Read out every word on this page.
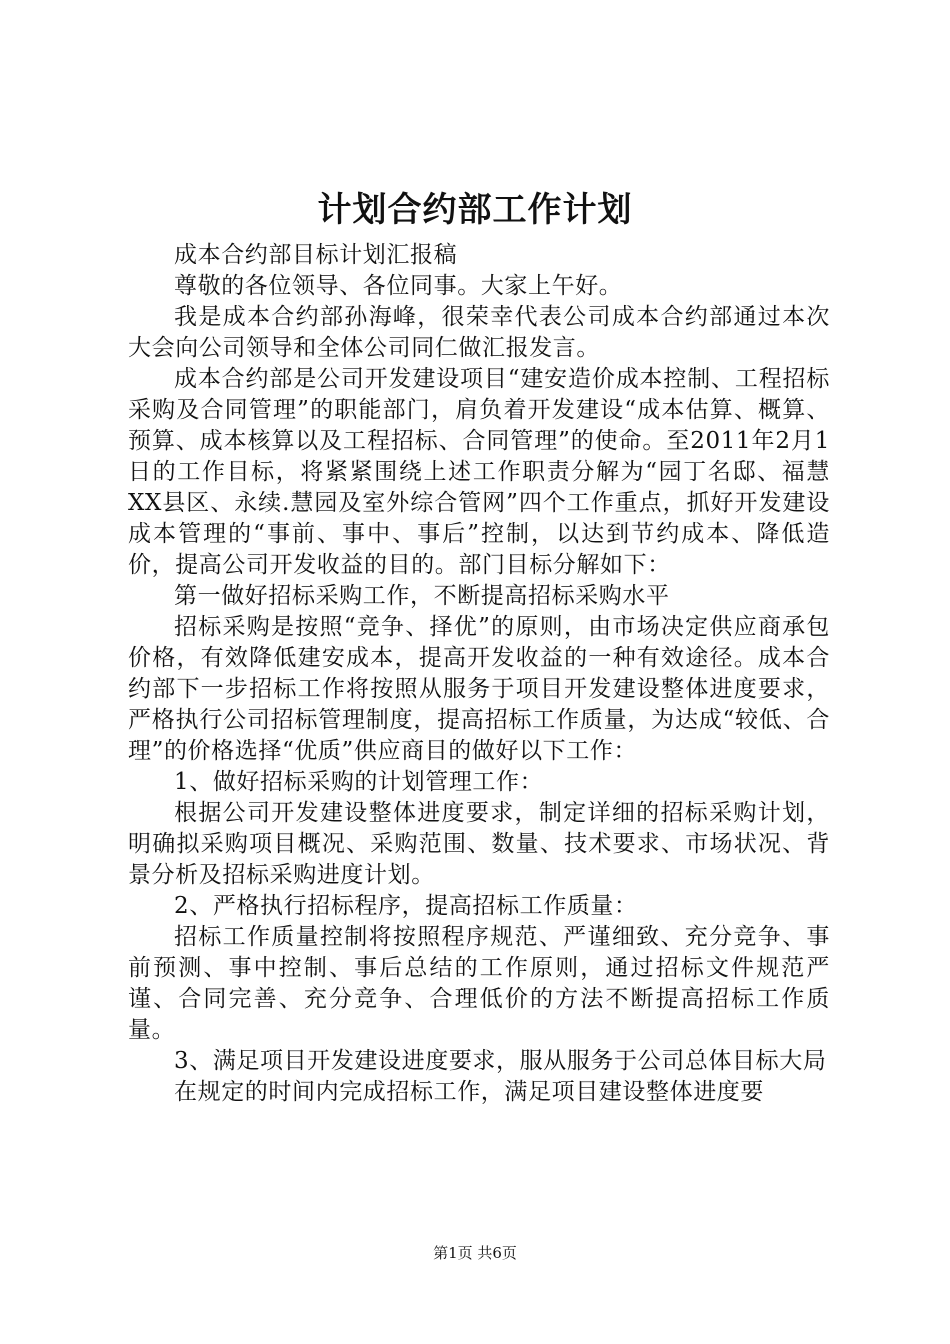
计划合约部工作计划

成本合约部目标计划汇报稿

尊敬的各位领导、各位同事。大家上午好。

我是成本合约部孙海峰，很荣幸代表公司成本合约部通过本次大会向公司领导和全体公司同仁做汇报发言。

成本合约部是公司开发建设项目“建安造价成本控制、工程招标采购及合同管理”的职能部门，肩负着开发建设“成本估算、概算、预算、成本核算以及工程招标、合同管理”的使命。至2011年2月1日的工作目标，将紧紧围绕上述工作职责分解为“园丁名邸、福慧XX县区、永续.慧园及室外综合管网”四个工作重点，抓好开发建设成本管理的“事前、事中、事后”控制，以达到节约成本、降低造价，提高公司开发收益的目的。部门目标分解如下：

第一做好招标采购工作，不断提高招标采购水平

招标采购是按照“竞争、择优”的原则，由市场决定供应商承包价格，有效降低建安成本，提高开发收益的一种有效途径。成本合约部下一步招标工作将按照从服务于项目开发建设整体进度要求，严格执行公司招标管理制度，提高招标工作质量，为达成“较低、合理”的价格选择“优质”供应商目的做好以下工作：

1、做好招标采购的计划管理工作：

根据公司开发建设整体进度要求，制定详细的招标采购计划，明确拟采购项目概况、采购范围、数量、技术要求、市场状况、背景分析及招标采购进度计划。

2、严格执行招标程序，提高招标工作质量：

招标工作质量控制将按照程序规范、严谨细致、充分竞争、事前预测、事中控制、事后总结的工作原则，通过招标文件规范严谨、合同完善、充分竞争、合理低价的方法不断提高招标工作质量。

3、满足项目开发建设进度要求，服从服务于公司总体目标大局

在规定的时间内完成招标工作，满足项目建设整体进度要

第1页 共6页
